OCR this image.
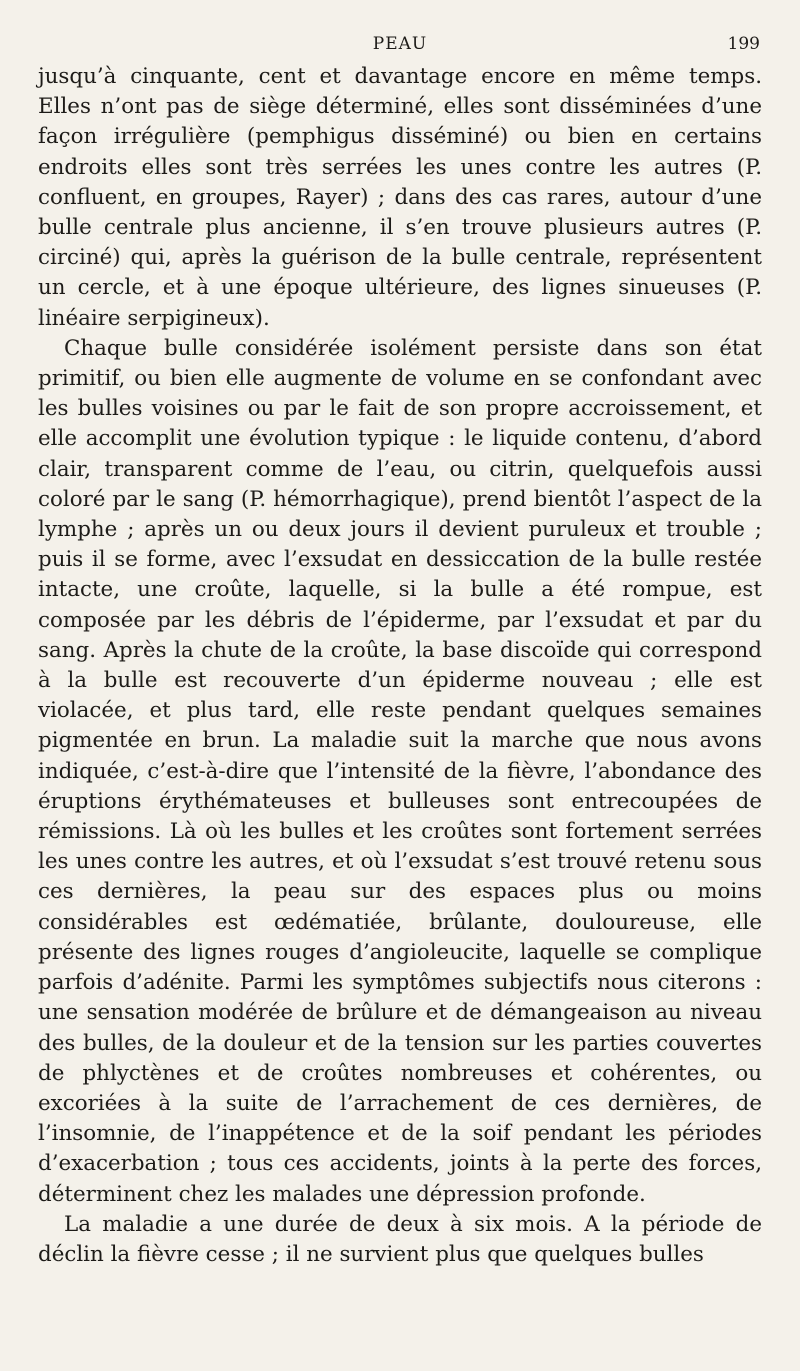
PEAU	199

jusqu’à cinquante, cent et davantage encore en même temps. Elles n’ont pas de siège déterminé, elles sont disséminées d’une façon irrégulière (pemphigus disséminé) ou bien en certains endroits elles sont très serrées les unes contre les autres (P. confluent, en groupes, Rayer) ; dans des cas rares, autour d’une bulle centrale plus ancienne, il s’en trouve plusieurs autres (P. circiné) qui, après la guérison de la bulle centrale, représentent un cercle, et à une époque ultérieure, des lignes sinueuses (P. linéaire serpigineux).

Chaque bulle considérée isolément persiste dans son état primitif, ou bien elle augmente de volume en se confondant avec les bulles voisines ou par le fait de son propre accroissement, et elle accomplit une évolution typique : le liquide contenu, d’abord clair, transparent comme de l’eau, ou citrin, quelquefois aussi coloré par le sang (P. hémorrhagique), prend bientôt l’aspect de la lymphe ; après un ou deux jours il devient puruleux et trouble ; puis il se forme, avec l’exsudat en dessiccation de la bulle restée intacte, une croûte, laquelle, si la bulle a été rompue, est composée par les débris de l’épiderme, par l’exsudat et par du sang. Après la chute de la croûte, la base discoïde qui correspond à la bulle est recouverte d’un épiderme nouveau ; elle est violacée, et plus tard, elle reste pendant quelques semaines pigmentée en brun. La maladie suit la marche que nous avons indiquée, c’est-à-dire que l’intensité de la fièvre, l’abondance des éruptions érythémateuses et bulleuses sont entrecoupées de rémissions. Là où les bulles et les croûtes sont fortement serrées les unes contre les autres, et où l’exsudat s’est trouvé retenu sous ces dernières, la peau sur des espaces plus ou moins considérables est œdématiée, brûlante, douloureuse, elle présente des lignes rouges d’angioleucite, laquelle se complique parfois d’adénite. Parmi les symptômes subjectifs nous citerons : une sensation modérée de brûlure et de démangeaison au niveau des bulles, de la douleur et de la tension sur les parties couvertes de phlyctènes et de croûtes nombreuses et cohérentes, ou excoriées à la suite de l’arrachement de ces dernières, de l’insomnie, de l’inappétence et de la soif pendant les périodes d’exacerbation ; tous ces accidents, joints à la perte des forces, déterminent chez les malades une dépression profonde.

La maladie a une durée de deux à six mois. A la période de déclin la fièvre cesse ; il ne survient plus que quelques bulles
